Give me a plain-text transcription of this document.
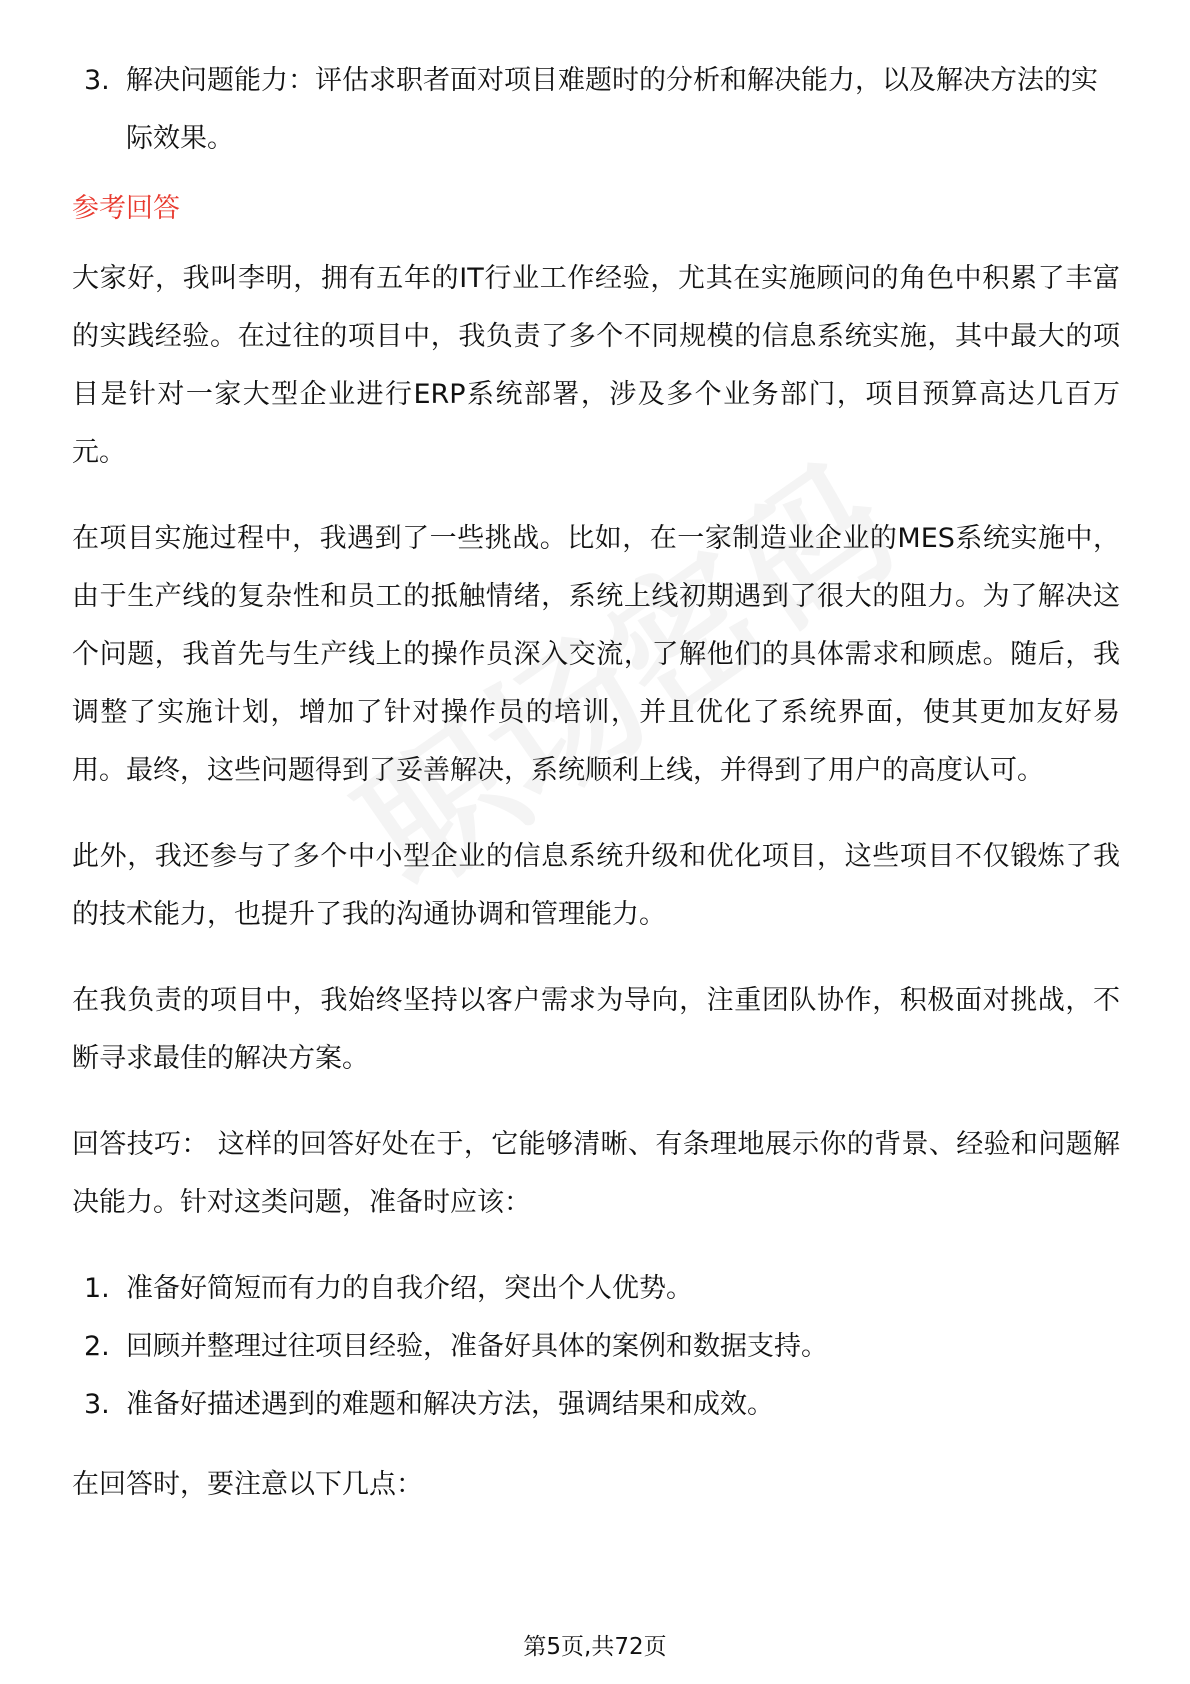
3. 解决问题能力：评估求职者面对项目难题时的分析和解决能力，以及解决方法的实际效果。
参考回答

大家好，我叫李明，拥有五年的IT行业工作经验，尤其在实施顾问的角色中积累了丰富的实践经验。在过往的项目中，我负责了多个不同规模的信息系统实施，其中最大的项目是针对一家大型企业进行ERP系统部署，涉及多个业务部门，项目预算高达几百万元。

在项目实施过程中，我遇到了一些挑战。比如，在一家制造业企业的MES系统实施中，由于生产线的复杂性和员工的抵触情绪，系统上线初期遇到了很大的阻力。为了解决这个问题，我首先与生产线上的操作员深入交流，了解他们的具体需求和顾虑。随后，我调整了实施计划，增加了针对操作员的培训，并且优化了系统界面，使其更加友好易用。最终，这些问题得到了妥善解决，系统顺利上线，并得到了用户的高度认可。

此外，我还参与了多个中小型企业的信息系统升级和优化项目，这些项目不仅锻炼了我的技术能力，也提升了我的沟通协调和管理能力。

在我负责的项目中，我始终坚持以客户需求为导向，注重团队协作，积极面对挑战，不断寻求最佳的解决方案。

回答技巧： 这样的回答好处在于，它能够清晰、有条理地展示你的背景、经验和问题解决能力。针对这类问题，准备时应该：

1. 准备好简短而有力的自我介绍，突出个人优势。
2. 回顾并整理过往项目经验，准备好具体的案例和数据支持。
3. 准备好描述遇到的难题和解决方法，强调结果和成效。

在回答时，要注意以下几点：

第5页,共72页
